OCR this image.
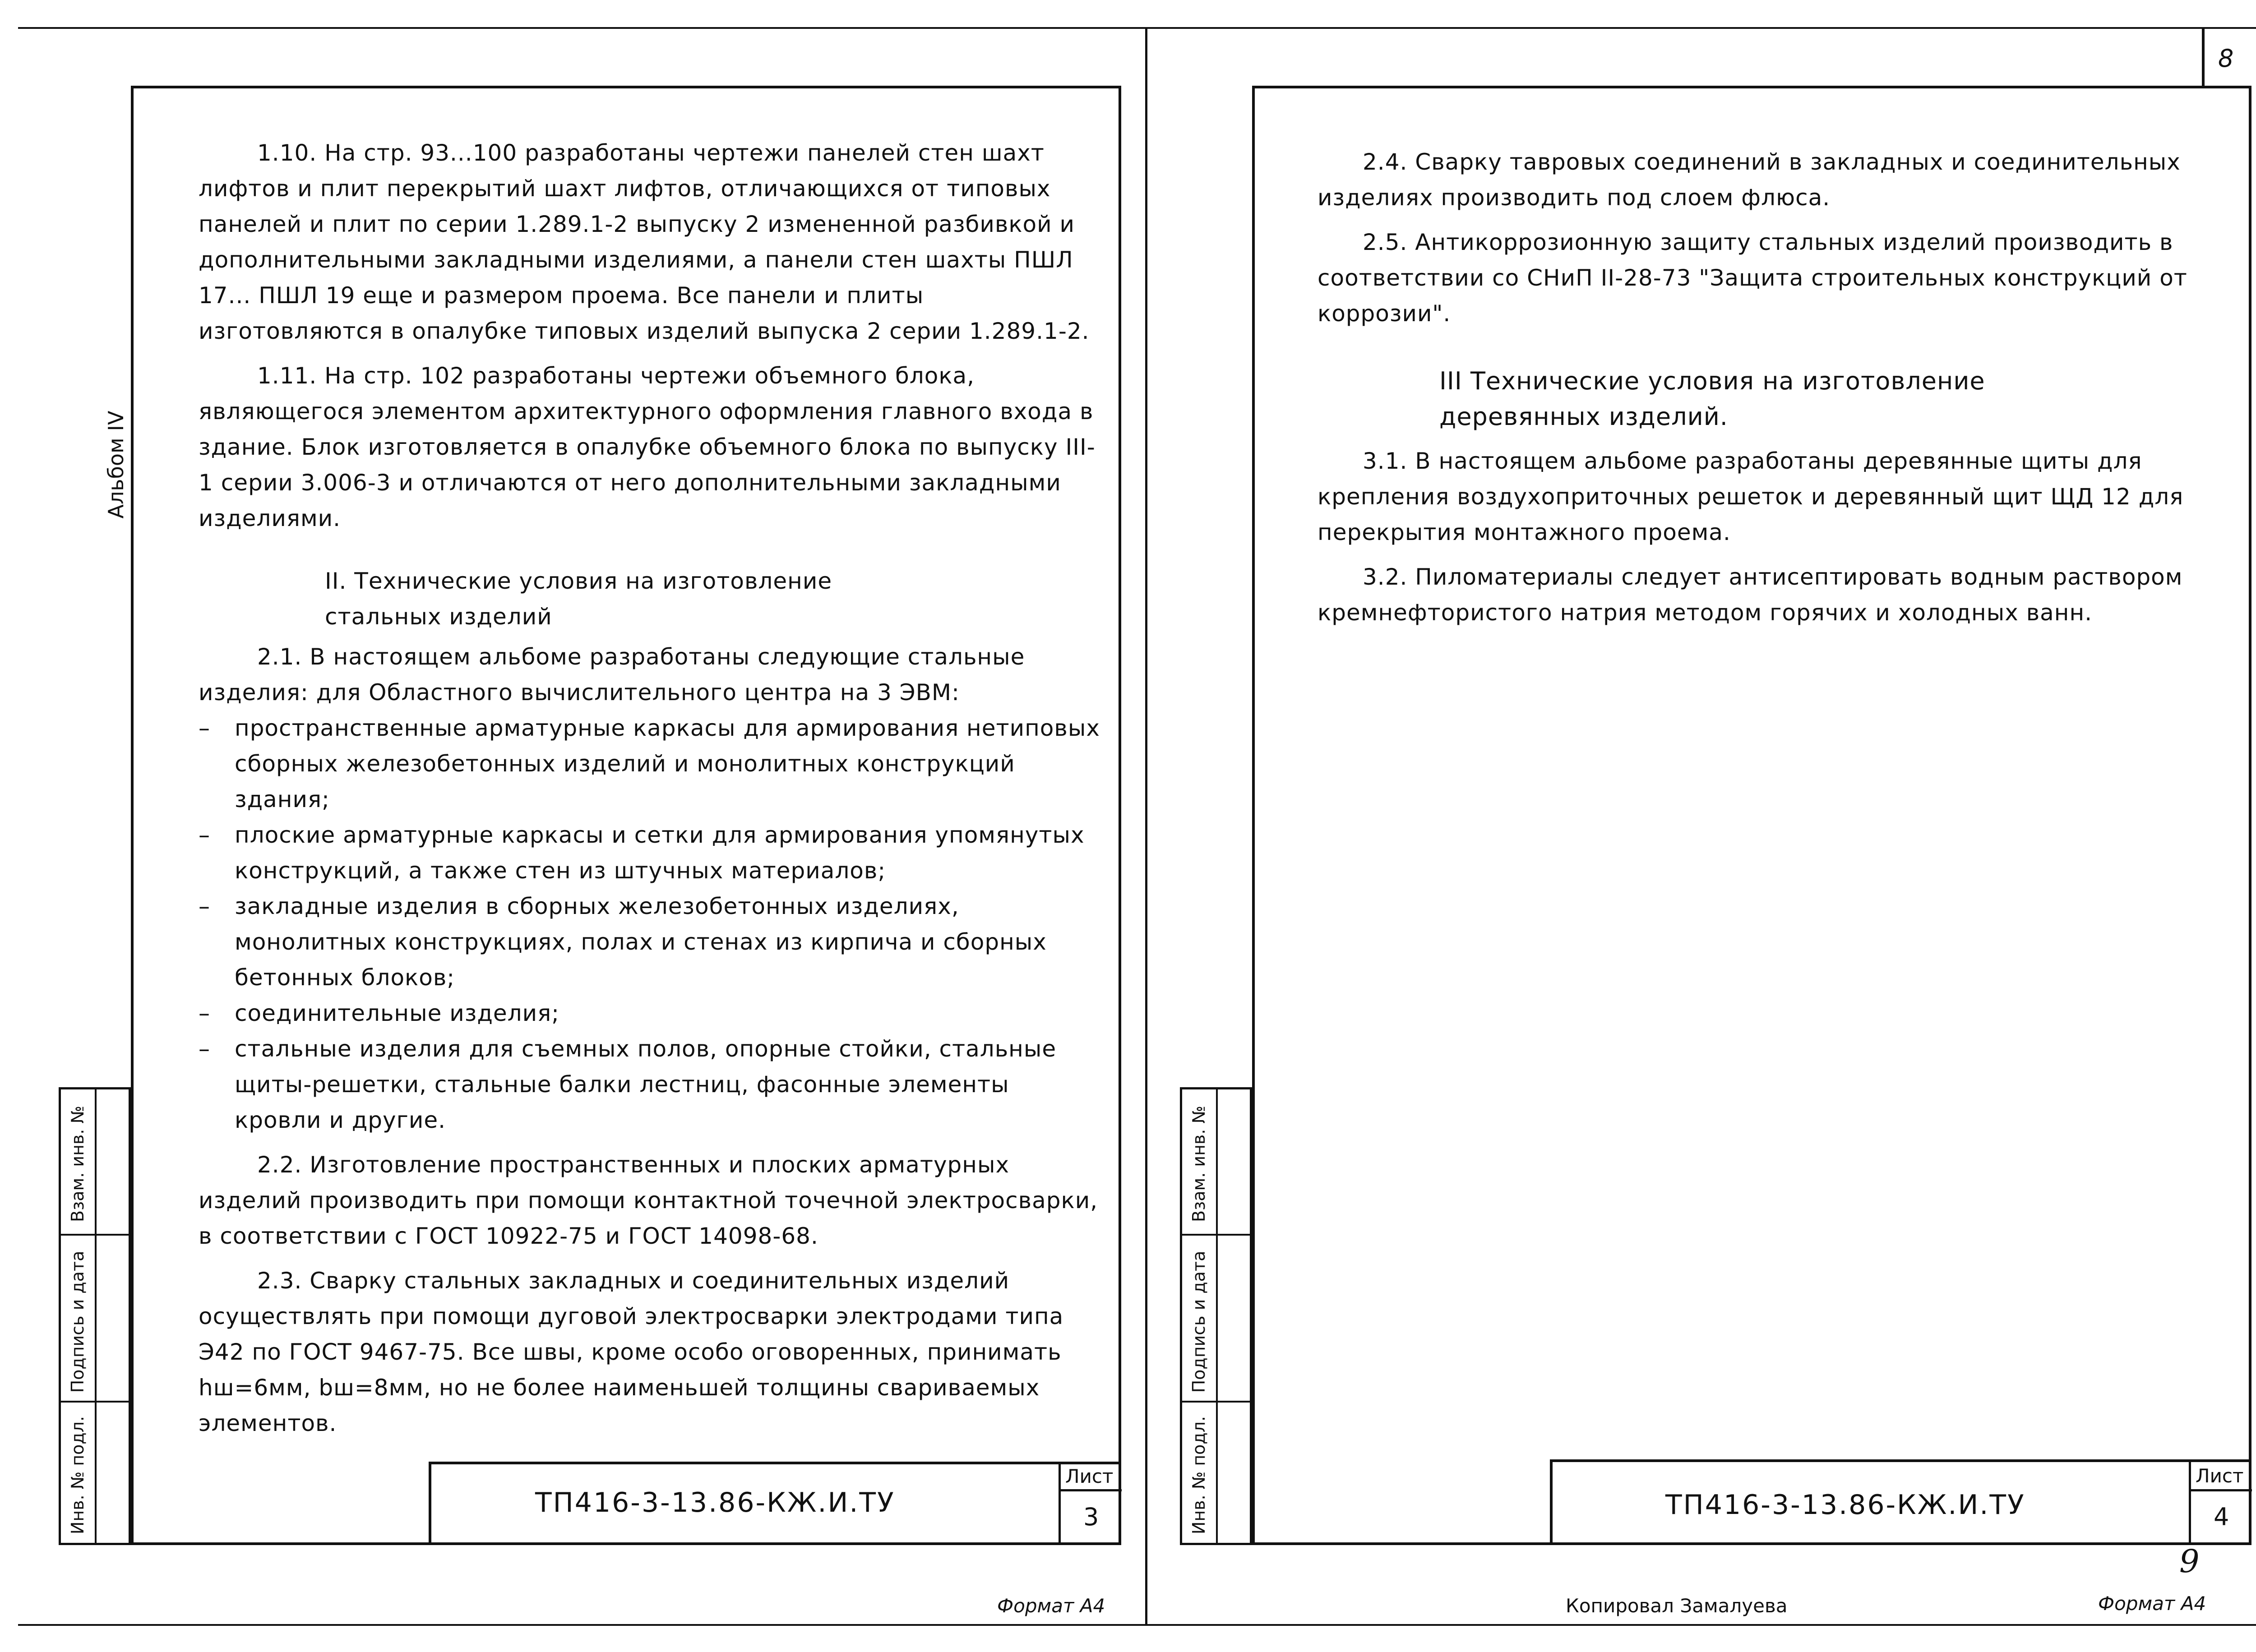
Альбом IV

1.10. На стр. 93...100 разработаны чертежи панелей стен шахт лифтов и плит перекрытий шахт лифтов, отличающихся от типовых панелей и плит по серии 1.289.1-2 выпуску 2 измененной разбивкой и дополнительными закладными изделиями, а панели стен шахты ПШЛ 17... ПШЛ 19 еще и размером проема. Все панели и плиты изготовляются в опалубке типовых изделий выпуска 2 серии 1.289.1-2.

1.11. На стр. 102 разработаны чертежи объемного блока, являющегося элементом архитектурного оформления главного входа в здание. Блок изготовляется в опалубке объемного блока по выпуску III-1 серии 3.006-3 и отличаются от него дополнительными закладными изделиями.

II. Технические условия на изготовление стальных изделий

2.1. В настоящем альбоме разработаны следующие стальные изделия: для Областного вычислительного центра на 3 ЭВМ:

–	пространственные арматурные каркасы для армирования нетиповых сборных железобетонных изделий и монолитных конструкций здания;
–	плоские арматурные каркасы и сетки для армирования упомянутых конструкций, а также стен из штучных материалов;
–	закладные изделия в сборных железобетонных изделиях, монолитных конструкциях, полах и стенах из кирпича и сборных бетонных блоков;
–	соединительные изделия;
–	стальные изделия для съемных полов, опорные стойки, стальные щиты-решетки, стальные балки лестниц, фасонные элементы кровли и другие.

2.2. Изготовление пространственных и плоских арматурных изделий производить при помощи контактной точечной электросварки, в соответствии с ГОСТ 10922-75 и ГОСТ 14098-68.

2.3. Сварку стальных закладных и соединительных изделий осуществлять при помощи дуговой электросварки электродами типа Э42 по ГОСТ 9467-75. Все швы, кроме особо оговоренных, принимать hш=6мм, bш=8мм, но не более наименьшей толщины свариваемых элементов.

Взам. инв. №
Подпись и дата
Инв. № подл.	ТП416-3-13.86-КЖ.И.ТУ
Лист
3
Формат А4
8

2.4. Сварку тавровых соединений в закладных и соединительных изделиях производить под слоем флюса.

2.5. Антикоррозионную защиту стальных изделий производить в соответствии со СНиП II-28-73 "Защита строительных конструкций от коррозии".

III Технические условия на изготовление деревянных изделий.

3.1. В настоящем альбоме разработаны деревянные щиты для крепления воздухоприточных решеток и деревянный щит ЩД 12 для перекрытия монтажного проема.

3.2. Пиломатериалы следует антисептировать водным раствором кремнефтористого натрия методом горячих и холодных ванн.

Взам. инв. №
Подпись и дата
Инв. № подл.	ТП416-3-13.86-КЖ.И.ТУ
Лист
4
9
Копировал Замалуева	Формат А4
